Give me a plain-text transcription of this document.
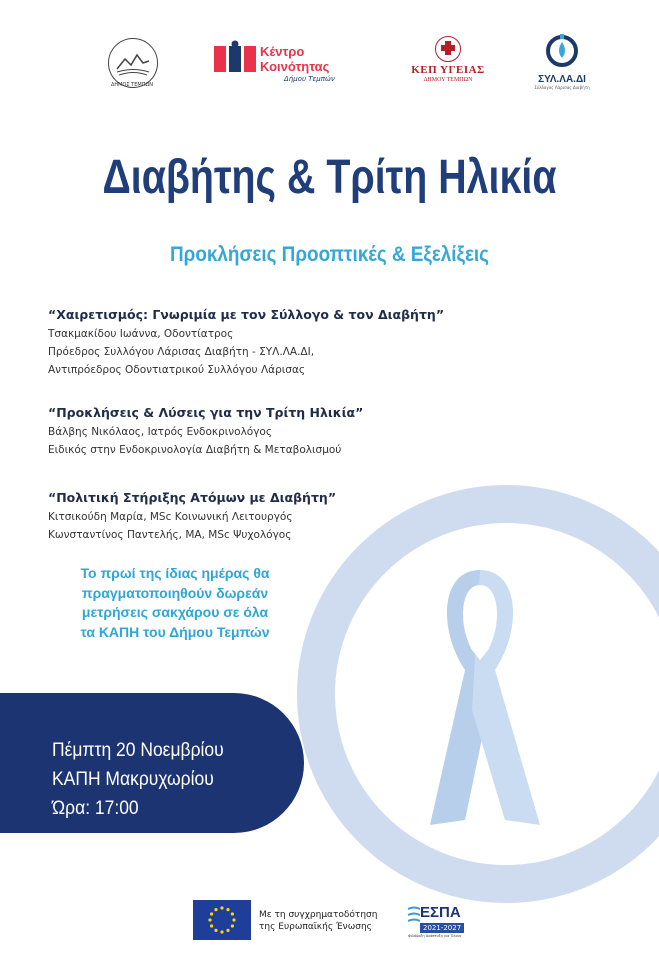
ΔΗΜΟΣ ΤΕΜΠΩΝ
Κέντρο
Κοινότητας
Δήμου Τεμπών
ΚΕΠ ΥΓΕΙΑΣ
ΔΗΜΟΥ ΤΕΜΠΩΝ	ΣΥΛ.ΛΑ.ΔΙ
Σύλλογος Λάρισας Διαβήτη
Διαβήτης & Τρίτη Ηλικία
Προκλήσεις Προοπτικές & Εξελίξεις
“Χαιρετισμός: Γνωριμία με τον Σύλλογο & τον Διαβήτη”
Τσακμακίδου Ιωάννα, Οδοντίατρος
Πρόεδρος Συλλόγου Λάρισας Διαβήτη - ΣΥΛ.ΛΑ.ΔΙ,
Αντιπρόεδρος Οδοντιατρικού Συλλόγου Λάρισας
“Προκλήσεις & Λύσεις για την Τρίτη Ηλικία”
Βάλβης Νικόλαος, Ιατρός Ενδοκρινολόγος
Ειδικός στην Ενδοκρινολογία Διαβήτη & Μεταβολισμού
“Πολιτική Στήριξης Ατόμων με Διαβήτη”
Κιτσικούδη Μαρία, MSc Κοινωνική Λειτουργός
Κωνσταντίνος Παντελής, ΜΑ, MSc Ψυχολόγος
Το πρωί της ίδιας ημέρας θα
πραγματοποιηθούν δωρεάν
μετρήσεις σακχάρου σε όλα
τα ΚΑΠΗ του Δήμου Τεμπών
Πέμπτη 20 Νοεμβρίου
ΚΑΠΗ Μακρυχωρίου
Ώρα: 17:00
Με τη συγχρηματοδότηση
της Ευρωπαϊκής Ένωσης
ΕΣΠΑ
2021-2027
Φιλόδοξη Ανάπτυξη για Όλους
